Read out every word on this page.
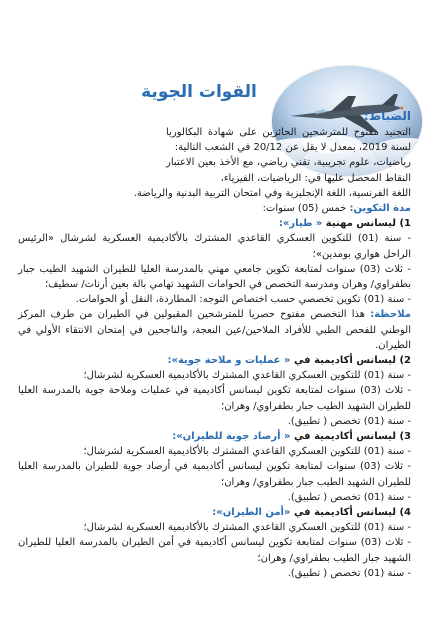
القوات الجوية

الضباط:

التجنيد مفتوح للمترشحين الحائزين على شهادة البكالوريا لسنة 2019، بمعدل لا يقل عن 20/12 في الشعب التالية:

رياضيات، علوم تجريبية، تقني رياضي، مع الأخذ بعين الاعتبار النقاط المحصل عليها في: الرياضيات، الفيزياء،

اللغة الفرنسية، اللغة الإنجليزية وفي امتحان التربية البدنية والرياضة.

مدة التكوين: خمس (05) سنوات:

1) ليسانس مهنية « طيار»:

- سنة (01) للتكوين العسكري القاعدي المشترك بالأكاديمية العسكرية لشرشال «الرئيس الراحل هواري بومدين»؛

- ثلاث (03) سنوات لمتابعة تكوين جامعي مهني بالمدرسة العليا للطيران الشهيد الطيب جبار بطفراوي/ وهران ومدرسة التخصص في الحوامات الشهيد تهامي بالة بعين أرنات/ سطيف؛

- سنة (01) تكوين تخصصي حسب اختصاص التوجه: المطاردة، النقل أو الحوامات.

ملاحظة: هذا التخصص مفتوح حصريا للمترشحين المقبولين في الطيران من طرف المركز الوطني للفحص الطبي للأفراد الملاحين/عين النعجة، والناجحين في إمتحان الانتقاء الأولي في الطيران.

2) ليسانس أكاديمية في « عمليات و ملاحة جوية»:

- سنة (01) للتكوين العسكري القاعدي المشترك بالأكاديمية العسكرية لشرشال؛

- ثلاث (03) سنوات لمتابعة تكوين ليسانس أكاديمية في عمليات وملاحة جوية بالمدرسة العليا للطيران الشهيد الطيب جبار بطفراوي/ وهران؛

- سنة (01) تخصص ( تطبيق).

3) ليسانس أكاديمية في « أرصاد جوية للطيران»:

- سنة (01) للتكوين العسكري القاعدي المشترك بالأكاديمية العسكرية لشرشال؛

- ثلاث (03) سنوات لمتابعة تكوين ليسانس أكاديمية في أرصاد جوية للطيران بالمدرسة العليا للطيران الشهيد الطيب جبار بطفراوي/ وهران؛

- سنة (01) تخصص ( تطبيق).

4) ليسانس أكاديمية في «أمن الطيران»:

- سنة (01) للتكوين العسكري القاعدي المشترك بالأكاديمية العسكرية لشرشال؛

- ثلاث (03) سنوات لمتابعة تكوين ليسانس أكاديمية في أمن الطيران بالمدرسة العليا للطيران الشهيد جبار الطيب بطفراوي/ وهران؛

- سنة (01) تخصص ( تطبيق).
